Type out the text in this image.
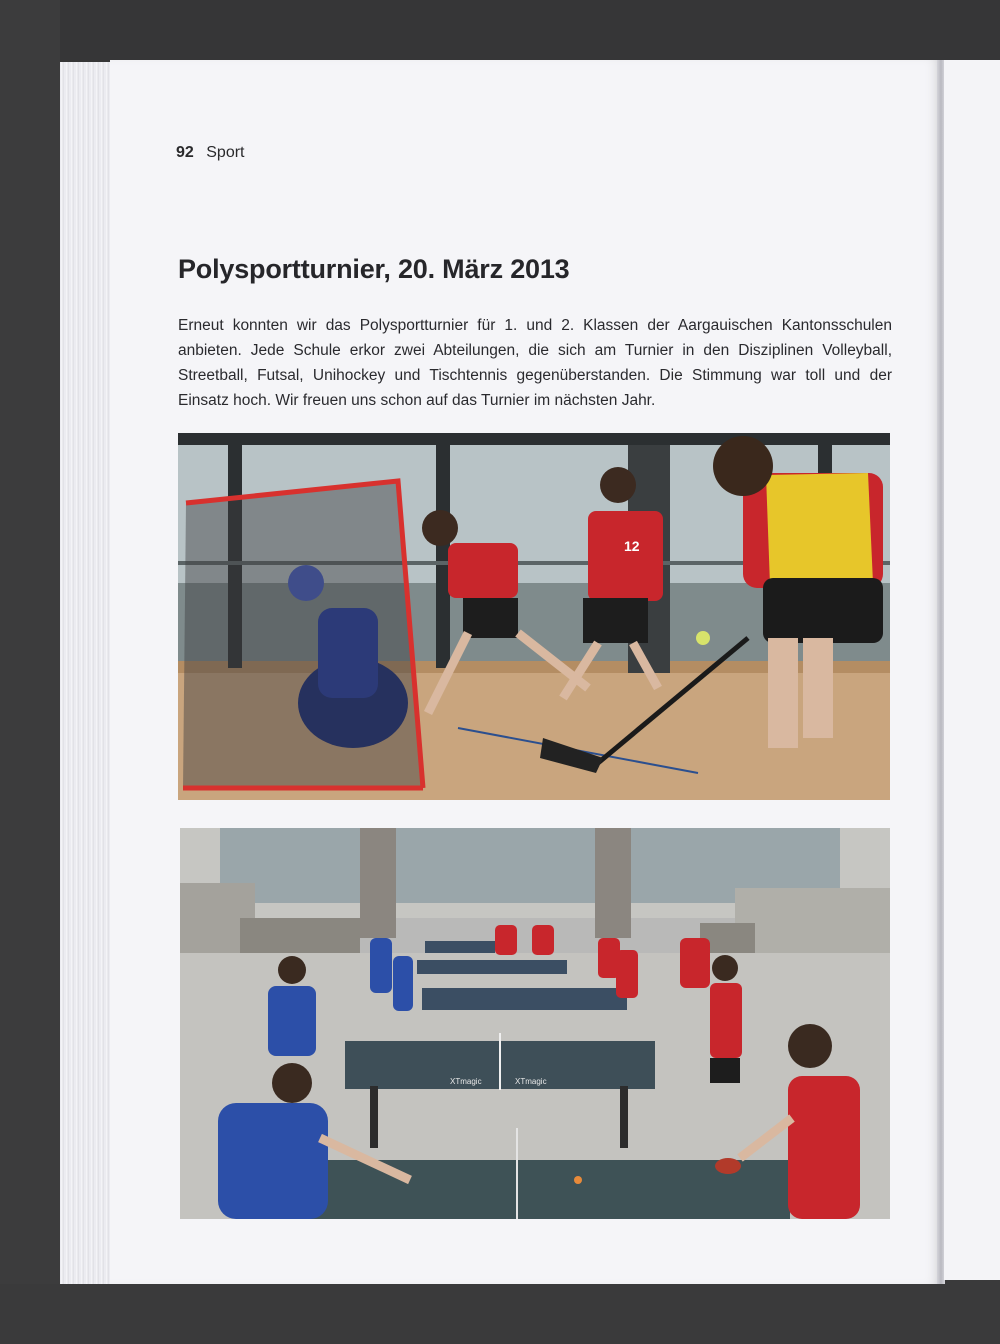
92 Sport
Polysportturnier, 20. März 2013

Erneut konnten wir das Polysportturnier für 1. und 2. Klassen der Aargauischen Kantonsschulen anbieten. Jede Schule erkor zwei Abteilungen, die sich am Turnier in den Disziplinen Volleyball, Streetball, Futsal, Unihockey und Tischtennis gegenüberstanden. Die Stimmung war toll und der Einsatz hoch. Wir freuen uns schon auf das Turnier im nächsten Jahr.

12
XTmagic	XTmagic
